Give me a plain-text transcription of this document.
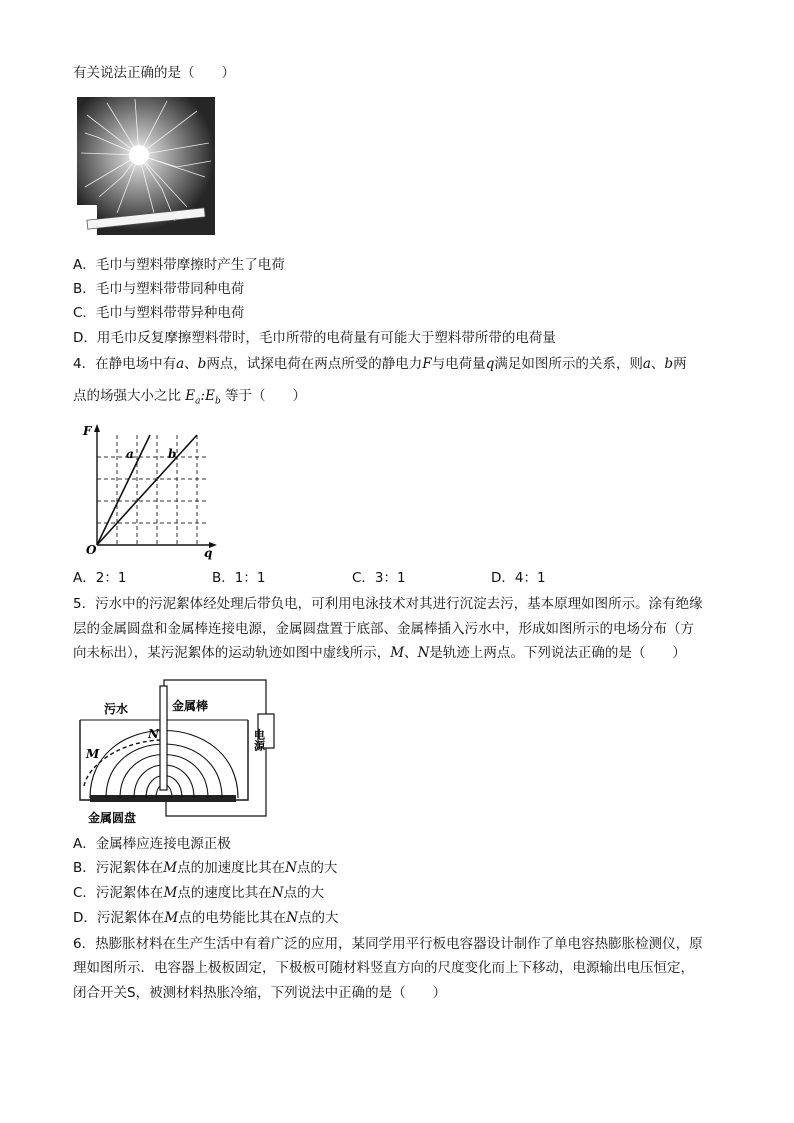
有关说法正确的是（　　）
A．毛巾与塑料带摩擦时产生了电荷
B．毛巾与塑料带带同种电荷
C．毛巾与塑料带带异种电荷
D．用毛巾反复摩擦塑料带时，毛巾所带的电荷量有可能大于塑料带所带的电荷量
4．在静电场中有a、b两点，试探电荷在两点所受的静电力F与电荷量q满足如图所示的关系，则a、b两
点的场强大小之比 $E_a:E_b$ 等于（　　）
F
q
O
a	b
A．2：1	B．1：1	C．3：1	D．4：1
5．污水中的污泥絮体经处理后带负电，可利用电泳技术对其进行沉淀去污，基本原理如图所示。涂有绝缘
层的金属圆盘和金属棒连接电源，金属圆盘置于底部、金属棒插入污水中，形成如图所示的电场分布（方
向未标出），某污泥絮体的运动轨迹如图中虚线所示，M、N是轨迹上两点。下列说法正确的是（　　）
电源
污水	金属棒
金属圆盘
M
N
A．金属棒应连接电源正极
B．污泥絮体在M点的加速度比其在N点的大
C．污泥絮体在M点的速度比其在N点的大
D．污泥絮体在M点的电势能比其在N点的大
6．热膨胀材料在生产生活中有着广泛的应用，某同学用平行板电容器设计制作了单电容热膨胀检测仪，原
理如图所示．电容器上极板固定，下极板可随材料竖直方向的尺度变化而上下移动，电源输出电压恒定，
闭合开关S，被测材料热胀冷缩，下列说法中正确的是（　　）
